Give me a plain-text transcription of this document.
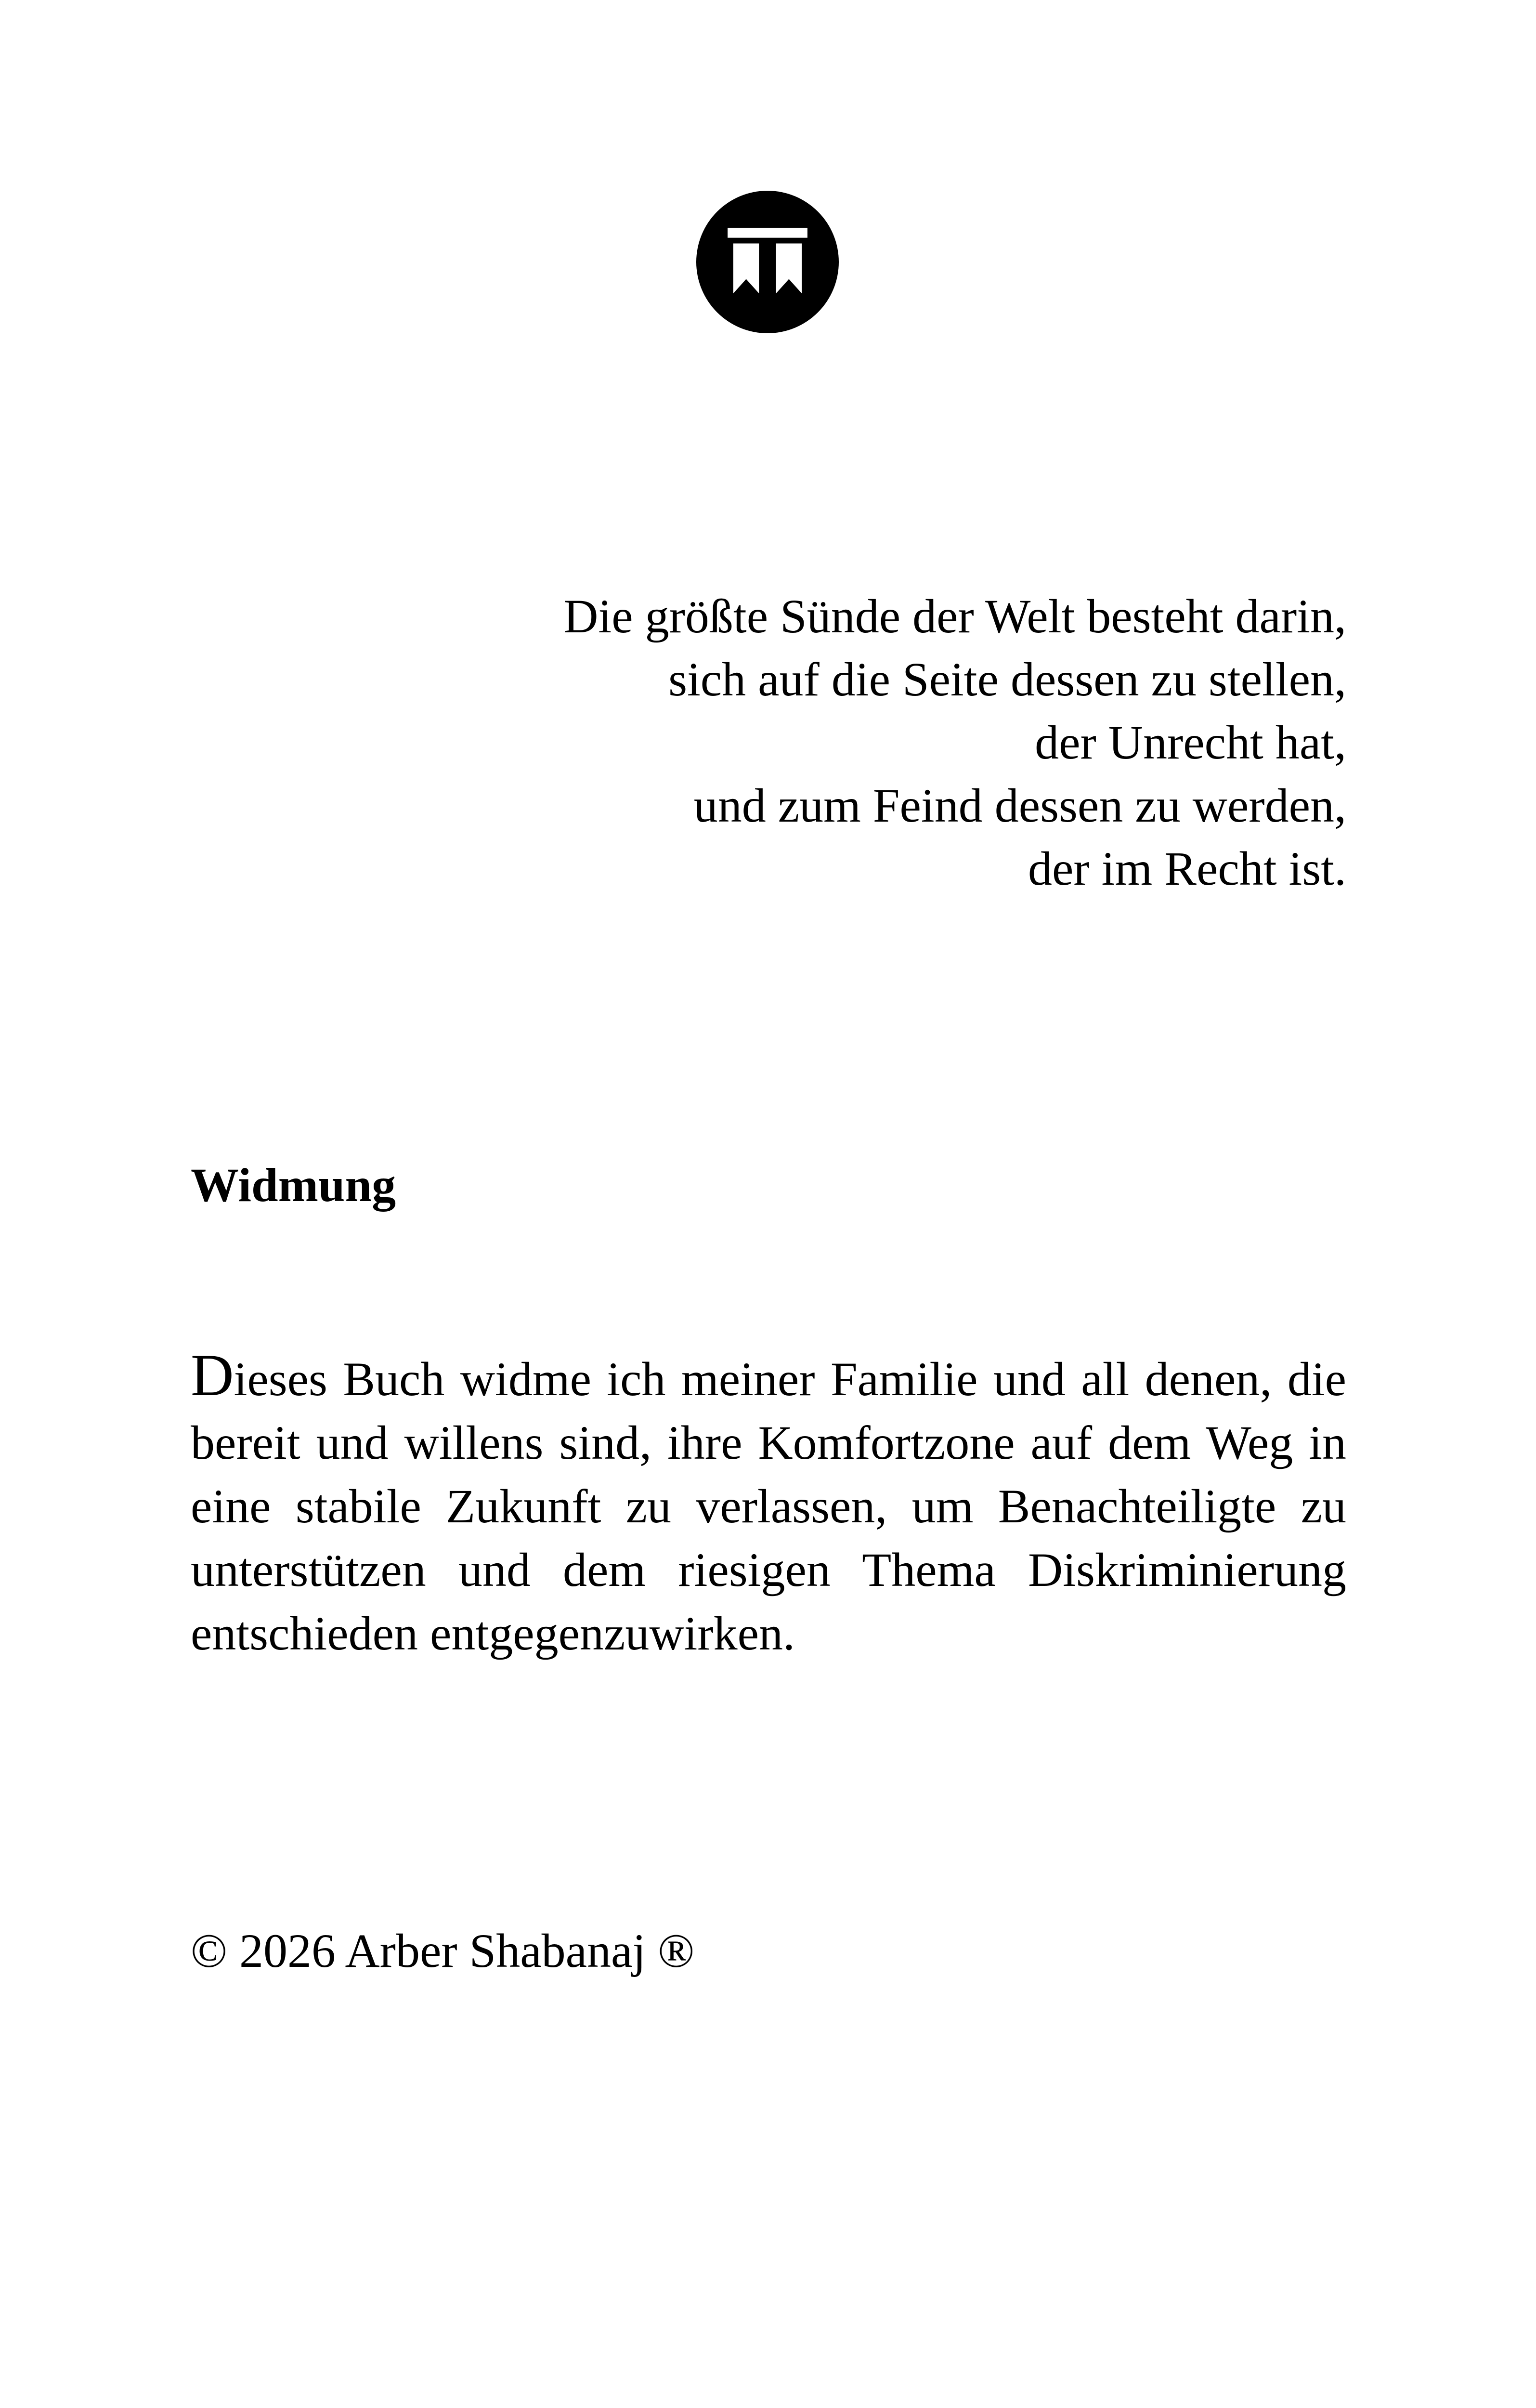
Die größte Sünde der Welt besteht darin,
sich auf die Seite dessen zu stellen,
der Unrecht hat,
und zum Feind dessen zu werden,
der im Recht ist.
Widmung
Dieses Buch widme ich meiner Familie und all denen, die
bereit und willens sind, ihre Komfortzone auf dem Weg in
eine stabile Zukunft zu verlassen, um Benachteiligte zu
unterstützen und dem riesigen Thema Diskriminierung
entschieden entgegenzuwirken.
© 2026 Arber Shabanaj ®
